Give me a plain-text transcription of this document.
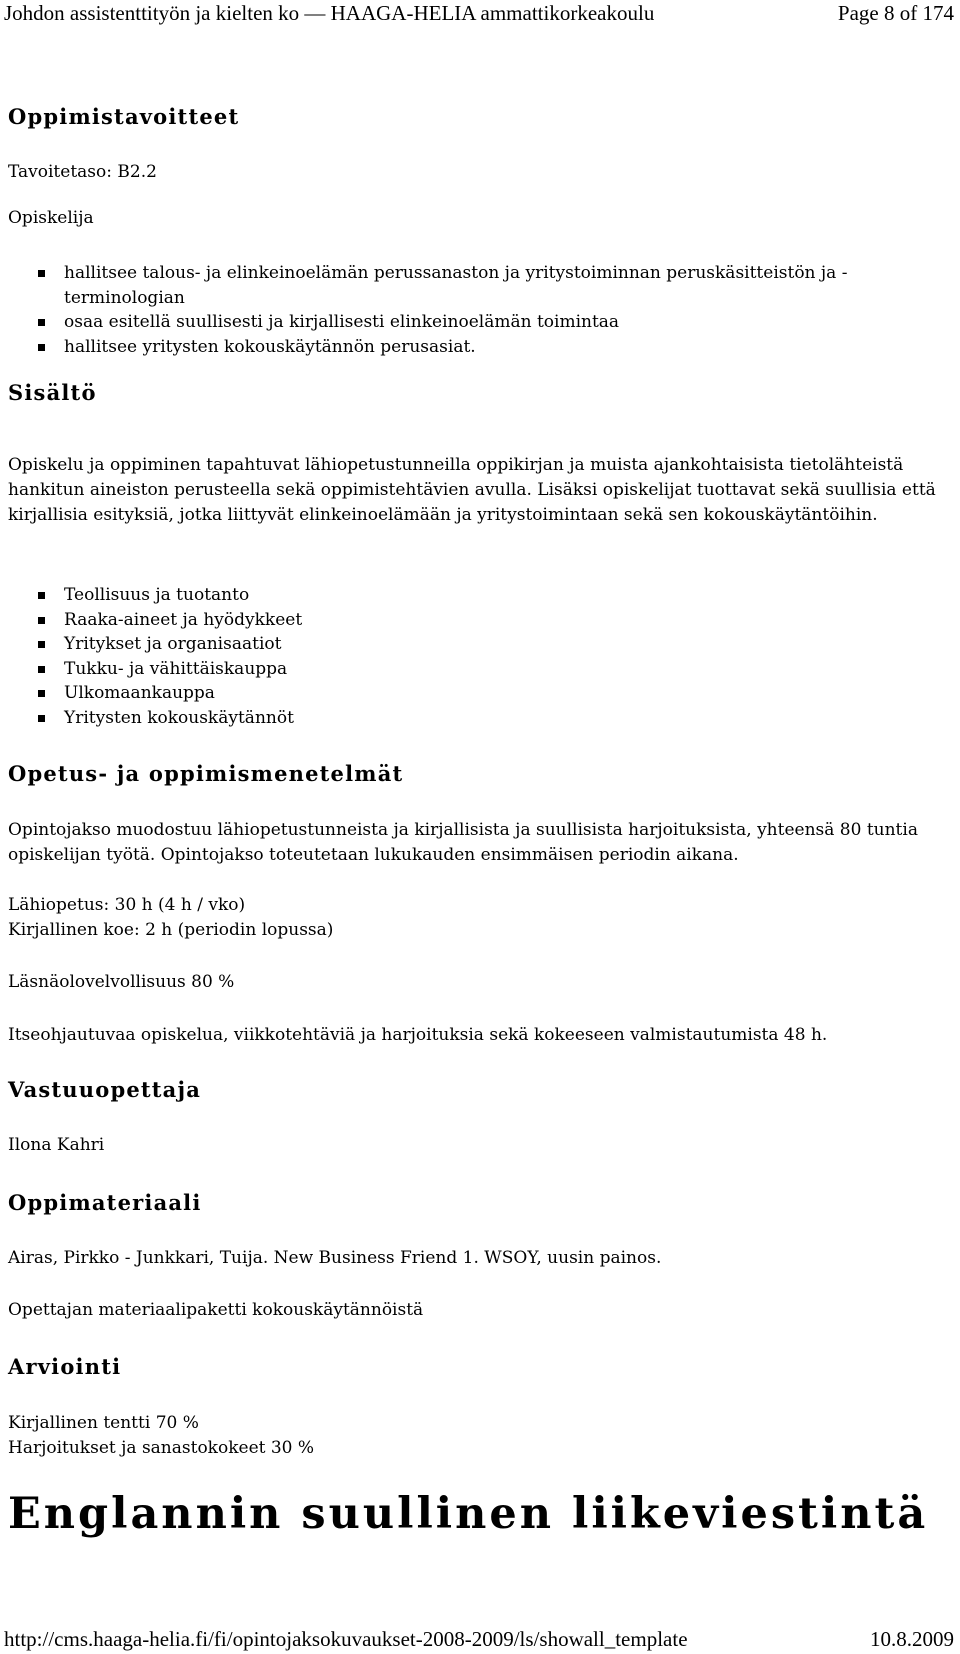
Johdon assistenttityön ja kielten ko — HAAGA-HELIA ammattikorkeakoulu	Page 8 of 174
Oppimistavoitteet

Tavoitetaso: B2.2

Opiskelija

hallitsee talous- ja elinkeinoelämän perussanaston ja yritystoiminnan peruskäsitteistön ja -terminologian
osaa esitellä suullisesti ja kirjallisesti elinkeinoelämän toimintaa
hallitsee yritysten kokouskäytännön perusasiat.
Sisältö

Opiskelu ja oppiminen tapahtuvat lähiopetustunneilla oppikirjan ja muista ajankohtaisista tietolähteistä hankitun aineiston perusteella sekä oppimistehtävien avulla. Lisäksi opiskelijat tuottavat sekä suullisia että kirjallisia esityksiä, jotka liittyvät elinkeinoelämään ja yritystoimintaan sekä sen kokouskäytäntöihin.

Teollisuus ja tuotanto
Raaka-aineet ja hyödykkeet
Yritykset ja organisaatiot
Tukku- ja vähittäiskauppa
Ulkomaankauppa
Yritysten kokouskäytännöt
Opetus- ja oppimismenetelmät

Opintojakso muodostuu lähiopetustunneista ja kirjallisista ja suullisista harjoituksista, yhteensä 80 tuntia opiskelijan työtä. Opintojakso toteutetaan lukukauden ensimmäisen periodin aikana.

Lähiopetus: 30 h (4 h / vko)

Kirjallinen koe: 2 h (periodin lopussa)

Läsnäolovelvollisuus 80 %

Itseohjautuvaa opiskelua, viikkotehtäviä ja harjoituksia sekä kokeeseen valmistautumista 48 h.

Vastuuopettaja

Ilona Kahri

Oppimateriaali

Airas, Pirkko - Junkkari, Tuija. New Business Friend 1. WSOY, uusin painos.

Opettajan materiaalipaketti kokouskäytännöistä

Arviointi

Kirjallinen tentti 70 %

Harjoitukset ja sanastokokeet 30 %

Englannin suullinen liikeviestintä
http://cms.haaga-helia.fi/fi/opintojaksokuvaukset-2008-2009/ls/showall_template	10.8.2009
